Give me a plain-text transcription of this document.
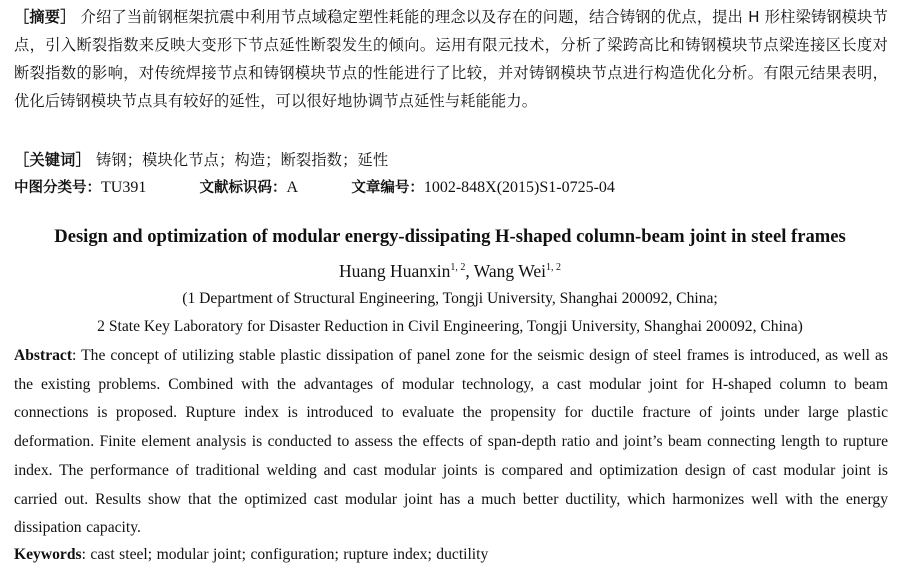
［摘要］ 介绍了当前钢框架抗震中利用节点域稳定塑性耗能的理念以及存在的问题，结合铸钢的优点，提出 H 形柱梁铸钢模块节点，引入断裂指数来反映大变形下节点延性断裂发生的倾向。运用有限元技术，分析了梁跨高比和铸钢模块节点梁连接区长度对断裂指数的影响，对传统焊接节点和铸钢模块节点的性能进行了比较，并对铸钢模块节点进行构造优化分析。有限元结果表明，优化后铸钢模块节点具有较好的延性，可以很好地协调节点延性与耗能能力。
［关键词］ 铸钢；模块化节点；构造；断裂指数；延性
中图分类号：TU391	文献标识码：A	文章编号：1002-848X(2015)S1-0725-04
Design and optimization of modular energy-dissipating H-shaped column-beam joint in steel frames
Huang Huanxin$^{1, 2}$, Wang Wei$^{1, 2}$
(1 Department of Structural Engineering, Tongji University, Shanghai 200092, China;
2 State Key Laboratory for Disaster Reduction in Civil Engineering, Tongji University, Shanghai 200092, China)
Abstract: The concept of utilizing stable plastic dissipation of panel zone for the seismic design of steel frames is introduced, as well as the existing problems. Combined with the advantages of modular technology, a cast modular joint for H-shaped column to beam connections is proposed. Rupture index is introduced to evaluate the propensity for ductile fracture of joints under large plastic deformation. Finite element analysis is conducted to assess the effects of span-depth ratio and joint’s beam connecting length to rupture index. The performance of traditional welding and cast modular joints is compared and optimization design of cast modular joint is carried out. Results show that the optimized cast modular joint has a much better ductility, which harmonizes well with the energy dissipation capacity.
Keywords: cast steel; modular joint; configuration; rupture index; ductility
